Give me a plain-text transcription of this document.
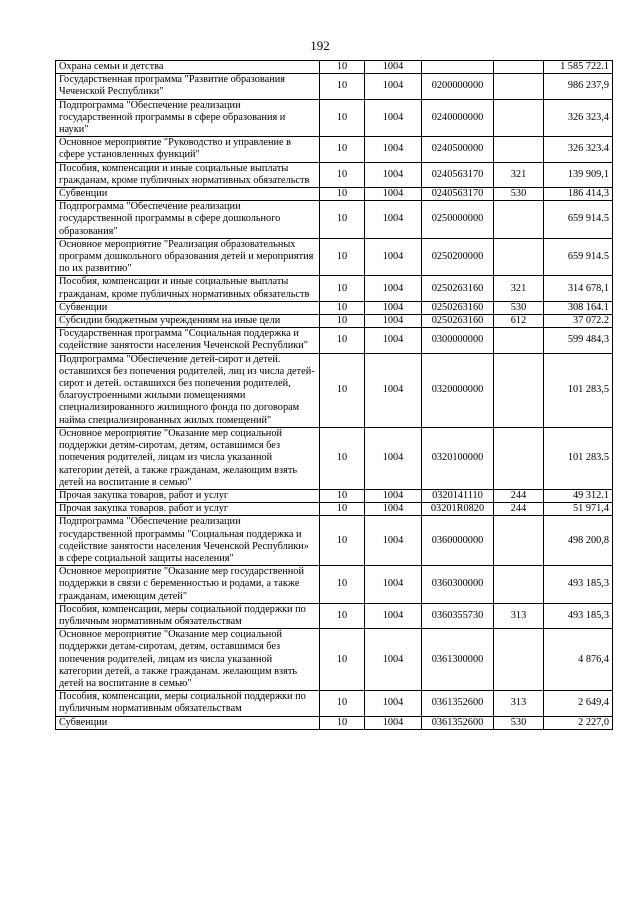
192
Охрана семьи и детства	10	1004			1 585 722.1
Государственная программа "Развитие образования Чеченской Республики"	10	1004	0200000000		986 237,9
Подпрограмма "Обеспечение реализации государственной программы в сфере образования и науки"	10	1004	0240000000		326 323,4
Основное мероприятие "Руководство и управление в сфере установленных функций"	10	1004	0240500000		326 323.4
Пособия, компенсации и иные социальные выплаты гражданам, кроме публичных нормативных обязательств	10	1004	0240563170	321	139 909,1
Субвенции	10	1004	0240563170	530	186 414,3
Подпрограмма "Обеспечение реализации государственной программы в сфере дошкольного образования"	10	1004	0250000000		659 914.5
Основное мероприятие "Реализация образовательных программ дошкольного образования детей и мероприятия по их развитию"	10	1004	0250200000		659 914.5
Пособия, компенсации и иные социальные выплаты гражданам, кроме публичных нормативных обязательств	10	1004	0250263160	321	314 678,1
Субвенции	10	1004	0250263160	530	308 164.1
Субсидии бюджетным учреждениям на иные цели	10	1004	0250263160	612	37 072.2
Государственная программа "Социальная поддержка и содействие занятости населения Чеченской Республики"	10	1004	0300000000		599 484,3
Подпрограмма "Обеспечение детей-сирот и детей. оставшихся без попечения родителей, лиц из числа детей-сирот и детей. оставшихся без попечения родителей, благоустроенными жилыми помещениями специализированного жилищного фонда по договорам найма специализированных жилых помещений"	10	1004	0320000000		101 283,5
Основное мероприятие "Оказание мер социальной поддержки детям-сиротам, детям, оставшимся без попечения родителей, лицам из числа указанной категории детей, а также гражданам, желающим взять детей на воспитание в семью"	10	1004	0320100000		101 283.5
Прочая закупка товаров, работ и услуг	10	1004	0320141110	244	49 312.1
Прочая закупка товаров. работ и услуг	10	1004	03201R0820	244	51 971,4
Подпрограмма "Обеспечение реализации государственной программы "Социальная поддержка и содействие занятости населения Чеченской Республики» в сфере социальной защиты населения"	10	1004	0360000000		498 200,8
Основное мероприятие "Оказание мер государственной поддержки в связи с беременностью и родами, а также гражданам, имеющим детей"	10	1004	0360300000		493 185,3
Пособия, компенсации, меры социальной поддержки по публичным нормативным обязательствам	10	1004	0360355730	313	493 185,3
Основное мероприятие "Оказание мер социальной поддержки детам-сиротам, детям, оставшимся без попечения родителей, лицам из числа указанной категории детей, а также гражданам. желающим взять детей на воспитание в семью"	10	1004	0361300000		4 876,4
Пособия, компенсации, меры социальной поддержки по публичным нормативным обязательствам	10	1004	0361352600	313	2 649,4
Субвенции	10	1004	0361352600	530	2 227,0
